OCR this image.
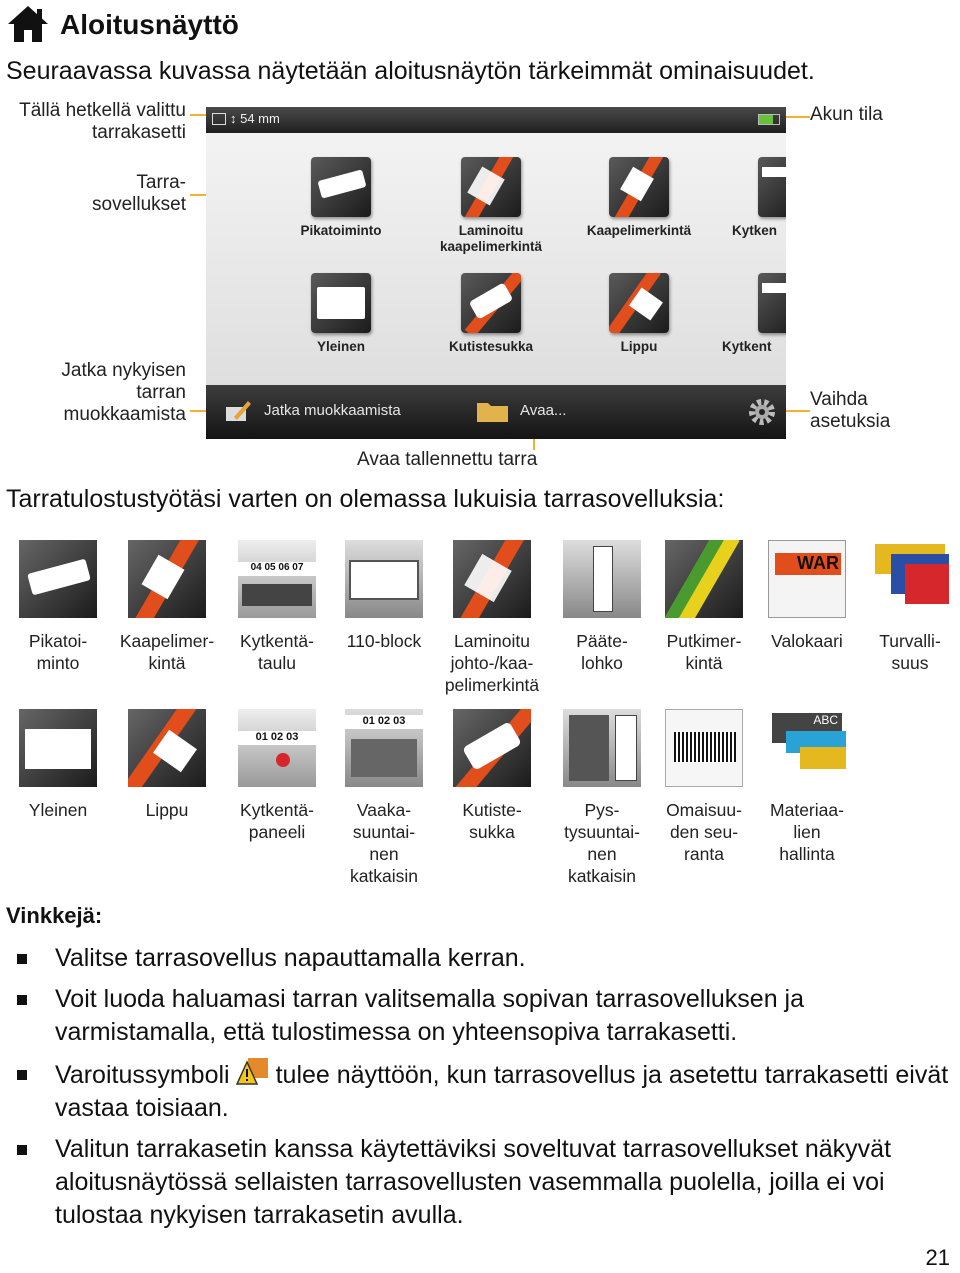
Aloitusnäyttö
Seuraavassa kuvassa näytetään aloitusnäytön tärkeimmät ominaisuudet.
Tällä hetkellä valittu
tarrakasetti
Tarra-
sovellukset
Jatka nykyisen
tarran
muokkaamista
Akun tila
Vaihda
asetuksia
Avaa tallennettu tarra
↕ 54 mm
Pikatoiminto	Laminoitu kaapelimerkintä
Kaapelimerkintä	Kytken
Yleinen	Kutistesukka	Lippu	Kytkent
Jatka muokkaamista	Avaa...
Tarratulostustyötäsi varten on olemassa lukuisia tarrasovelluksia:
Pikatoi-
minto
Kaapelimer-
kintä
04 05 06 07
Kytkentä-
taulu
110-block	Laminoitu
johto-/kaa-
pelimerkintä
Pääte-
lohko
Putkimer-
kintä
WAR
Valokaari	Turvalli-
suus
Yleinen	Lippu
01 02 03
Kytkentä-
paneeli
01 02 03
Vaaka-
suuntai-
nen
katkaisin
Kutiste-
sukka
Pys-
tysuuntai-
nen
katkaisin
Omaisuu-
den seu-
ranta
ABC
Materiaa-
lien
hallinta
Vinkkejä:
Valitse tarrasovellus napauttamalla kerran.
Voit luoda haluamasi tarran valitsemalla sopivan tarrasovelluksen ja varmistamalla, että tulostimessa on yhteensopiva tarrakasetti.
Varoitussymboli tulee näyttöön, kun tarrasovellus ja asetettu tarrakasetti eivät vastaa toisiaan.
Valitun tarrakasetin kanssa käytettäviksi soveltuvat tarrasovellukset näkyvät aloitusnäytössä sellaisten tarrasovellusten vasemmalla puolella, joilla ei voi tulostaa nykyisen tarrakasetin avulla.
21
